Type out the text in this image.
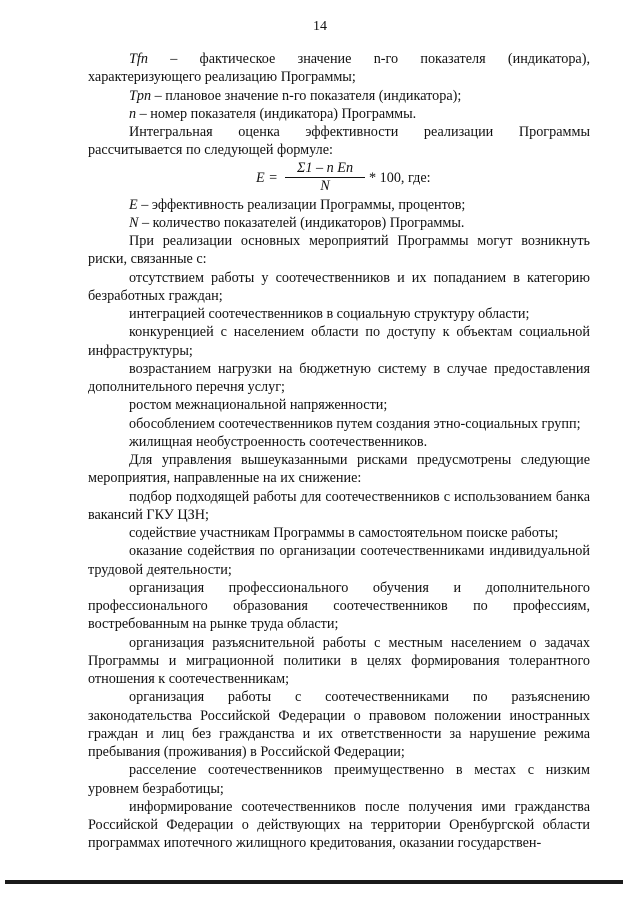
14
Tfn – фактическое значение n-го показателя (индикатора), характеризующего реализацию Программы;
Tpn – плановое значение n-го показателя (индикатора);
n – номер показателя (индикатора) Программы.
Интегральная оценка эффективности реализации Программы рассчитывается по следующей формуле:
$E = \frac{\text{Σ1 – n En}}{N} * 100$, где:
E – эффективность реализации Программы, процентов;
N – количество показателей (индикаторов) Программы.
При реализации основных мероприятий Программы могут возникнуть риски, связанные с:
отсутствием работы у соотечественников и их попаданием в категорию безработных граждан;
интеграцией соотечественников в социальную структуру области;
конкуренцией с населением области по доступу к объектам социальной инфраструктуры;
возрастанием нагрузки на бюджетную систему в случае предоставления дополнительного перечня услуг;
ростом межнациональной напряженности;
обособлением соотечественников путем создания этно-социальных групп;
жилищная необустроенность соотечественников.
Для управления вышеуказанными рисками предусмотрены следующие мероприятия, направленные на их снижение:
подбор подходящей работы для соотечественников с использованием банка вакансий ГКУ ЦЗН;
содействие участникам Программы в самостоятельном поиске работы;
оказание содействия по организации соотечественниками индивидуальной трудовой деятельности;
организация профессионального обучения и дополнительного профессионального образования соотечественников по профессиям, востребованным на рынке труда области;
организация разъяснительной работы с местным населением о задачах Программы и миграционной политики в целях формирования толерантного отношения к соотечественникам;
организация работы с соотечественниками по разъяснению законодательства Российской Федерации о правовом положении иностранных граждан и лиц без гражданства и их ответственности за нарушение режима пребывания (проживания) в Российской Федерации;
расселение соотечественников преимущественно в местах с низким уровнем безработицы;
информирование соотечественников после получения ими гражданства Российской Федерации о действующих на территории Оренбургской области программах ипотечного жилищного кредитования, оказании государствен-
